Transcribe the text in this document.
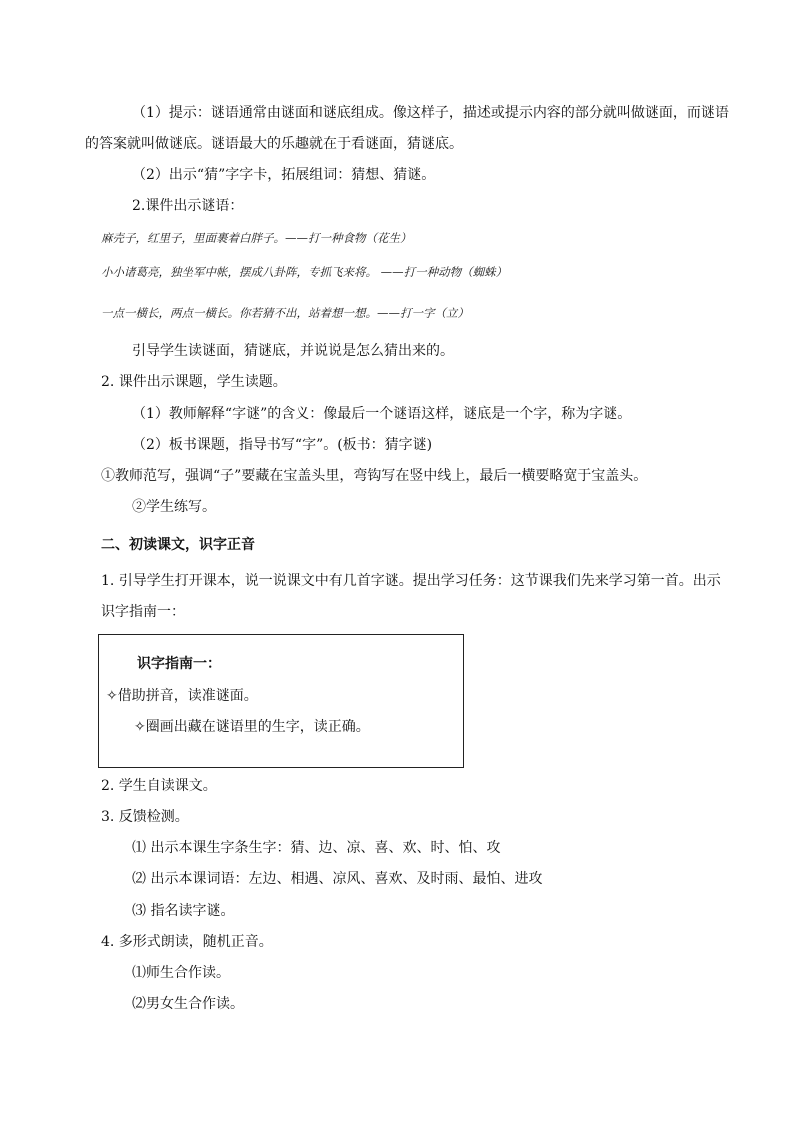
（1）提示：谜语通常由谜面和谜底组成。像这样子，描述或提示内容的部分就叫做谜面，而谜语
的答案就叫做谜底。谜语最大的乐趣就在于看谜面，猜谜底。
（2）出示“猜”字字卡，拓展组词：猜想、猜谜。
2.课件出示谜语：
麻壳子，红里子，里面裹着白胖子。——打一种食物（花生）
小小诸葛亮，独坐军中帐，摆成八卦阵，专抓飞来将。 ——打一种动物（蜘蛛）
一点一横长，两点一横长。你若猜不出，站着想一想。——打一字（立）
引导学生读谜面，猜谜底，并说说是怎么猜出来的。
2. 课件出示课题，学生读题。
（1）教师解释“字谜”的含义：像最后一个谜语这样，谜底是一个字，称为字谜。
（2）板书课题，指导书写“字”。(板书：猜字谜)
①教师范写，强调“子”要藏在宝盖头里，弯钩写在竖中线上，最后一横要略宽于宝盖头。
②学生练写。
二、初读课文，识字正音
1. 引导学生打开课本，说一说课文中有几首字谜。提出学习任务：这节课我们先来学习第一首。出示
识字指南一：
识字指南一：
✧借助拼音，读准谜面。
✧圈画出藏在谜语里的生字，读正确。
2. 学生自读课文。
3. 反馈检测。
⑴ 出示本课生字条生字：猜、边、凉、喜、欢、时、怕、攻
⑵ 出示本课词语：左边、相遇、凉风、喜欢、及时雨、最怕、进攻
⑶ 指名读字谜。
4. 多形式朗读，随机正音。
⑴师生合作读。
⑵男女生合作读。
